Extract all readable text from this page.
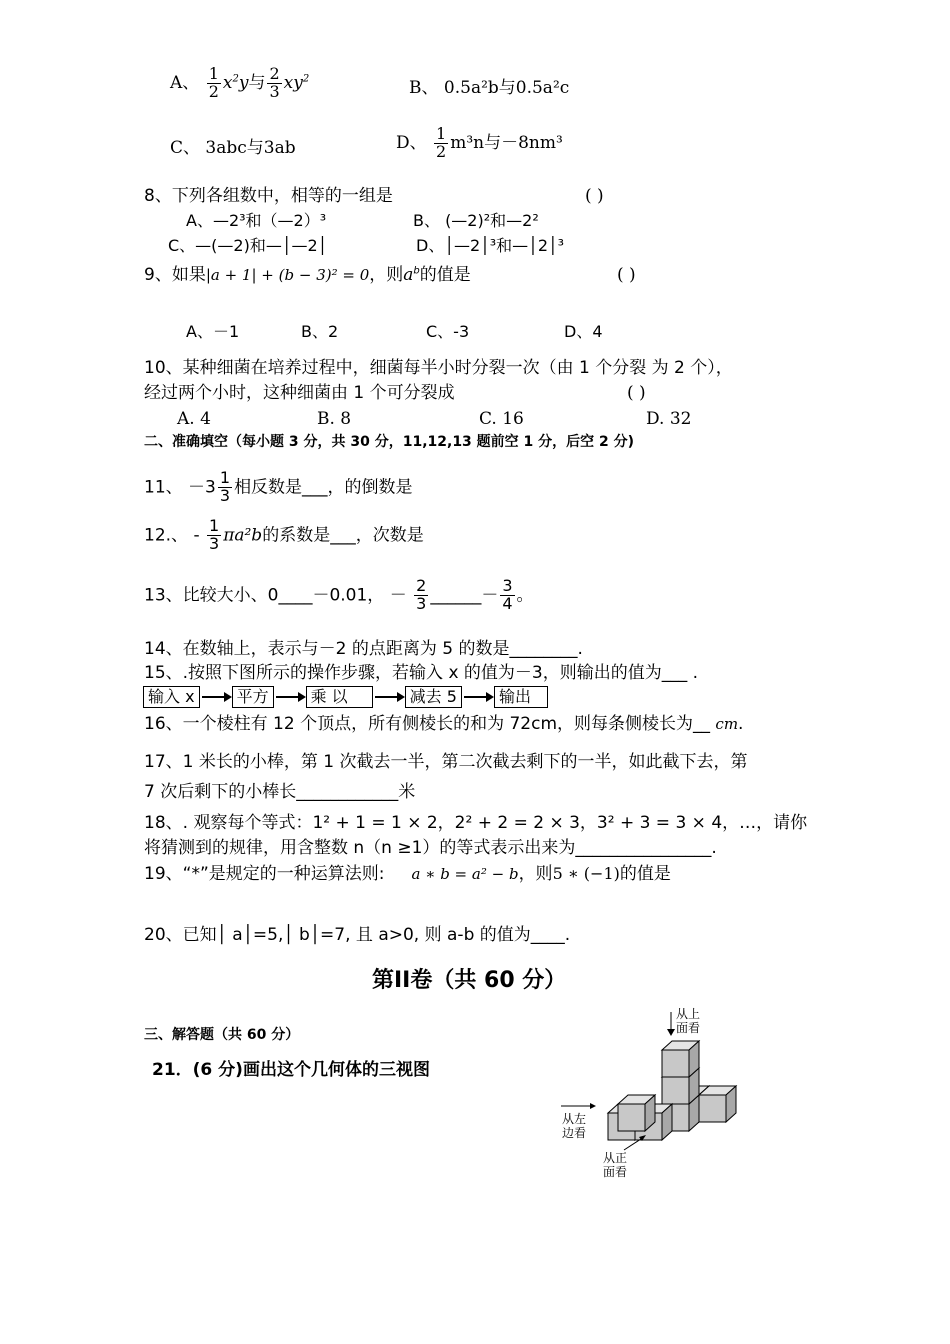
A、 $\frac{1}{2} x^2y$与 $\frac{2}{3} xy^2$	B、 0.5a²b与0.5a²c
C、 3abc与3ab	D、 $\frac{1}{2} m^3n$与－8nm³
8、下列各组数中，相等的一组是	( )
A、—2³和（—2）³	B、 (—2)²和—2²
C、—(—2)和—│—2│	D、│—2│³和—│2│³
9、如果|a + 1| + (b − 3)² = 0，则$a^b$的值是	( )
A、－1	B、2	C、-3	D、4
10、某种细菌在培养过程中，细菌每半小时分裂一次（由 1 个分裂 为 2 个），
经过两个小时，这种细菌由 1 个可分裂成	( )
A. 4	B. 8	C. 16	D. 32
二、准确填空（每小题 3 分，共 30 分，11,12,13 题前空 1 分，后空 2 分)
11、 $-3 \frac{1}{3}$ 相反数是___，的倒数是
12.、 - $\frac{1}{3} \pi a^2b$的系数是___，次数是
13、比较大小、0____－0.01， － $\frac{2}{3}$ ______－ $\frac{3}{4}$ 。
14、在数轴上，表示与－2 的点距离为 5 的数是________.
15、.按照下图所示的操作步骤，若输入 x 的值为－3，则输出的值为___ .
输入 x	平方	乘 以	减去 5	输出
16、一个棱柱有 12 个顶点，所有侧棱长的和为 72cm，则每条侧棱长为__ cm.
17、1 米长的小棒，第 1 次截去一半，第二次截去剩下的一半，如此截下去，第
7 次后剩下的小棒长____________米
18、. 观察每个等式：1² + 1 = 1 × 2，2² + 2 = 2 × 3，3² + 3 = 3 × 4，…，请你
将猜测到的规律，用含整数 n（n ≥1）的等式表示出来为________________.
19、“*”是规定的一种运算法则: a ∗ b = a² − b，则5 ∗ (−1)的值是
20、已知│ a│=5,│ b│=7, 且 a>0, 则 a-b 的值为____.
第II卷（共 60 分）
三、解答题（共 60 分）
21．(6 分)画出这个几何体的三视图
从上
面看
从左
边看
从正
面看
